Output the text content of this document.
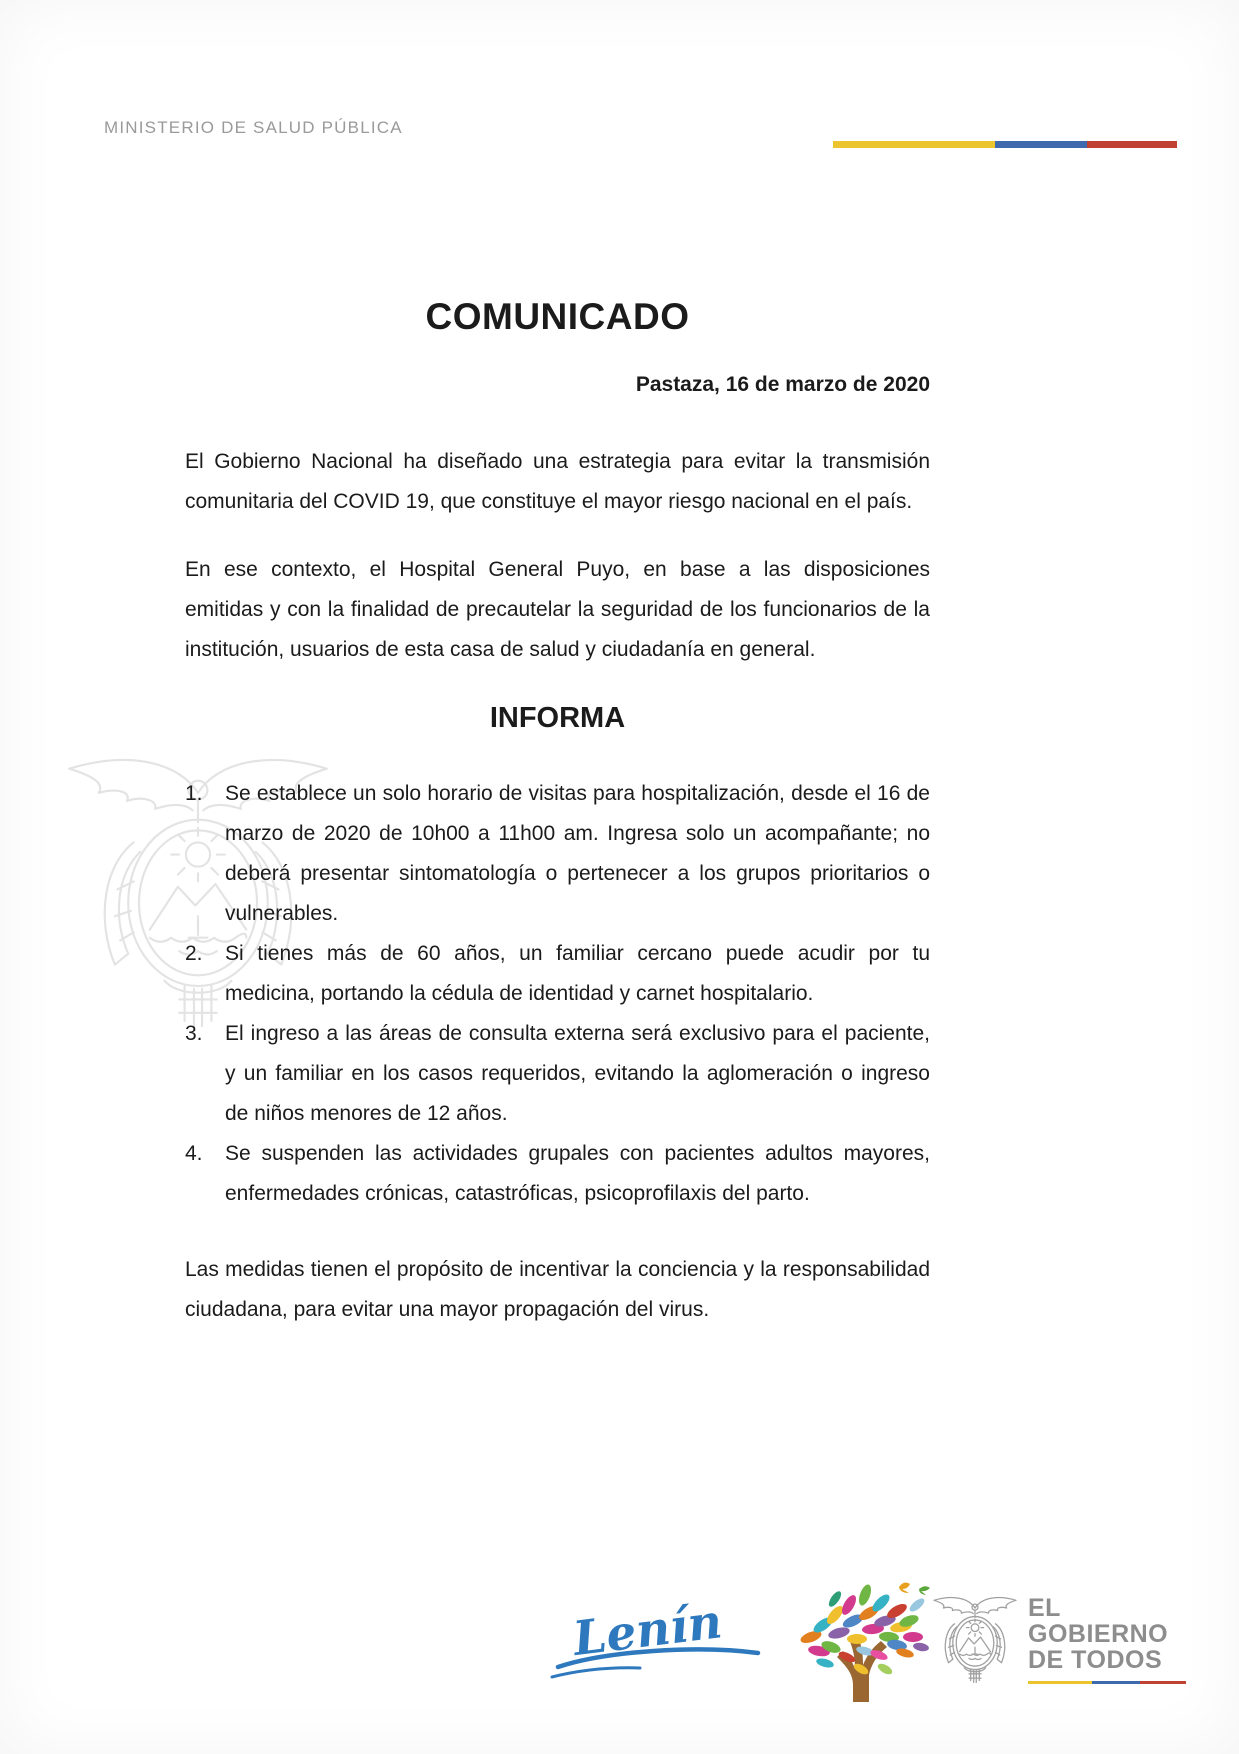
MINISTERIO DE SALUD PÚBLICA
COMUNICADO
Pastaza, 16 de marzo de 2020

El Gobierno Nacional ha diseñado una estrategia para evitar la transmisión comunitaria del COVID 19, que constituye el mayor riesgo nacional en el país.

En ese contexto, el Hospital General Puyo, en base a las disposiciones emitidas y con la finalidad de precautelar la seguridad de los funcionarios de la institución, usuarios de esta casa de salud y ciudadanía en general.

INFORMA
1.	Se establece un solo horario de visitas para hospitalización, desde el 16 de marzo de 2020 de 10h00 a 11h00 am. Ingresa solo un acompañante; no deberá presentar sintomatología o pertenecer a los grupos prioritarios o vulnerables.

2.	Si tienes más de 60 años, un familiar cercano puede acudir por tu medicina, portando la cédula de identidad y carnet hospitalario.

3.	El ingreso a las áreas de consulta externa será exclusivo para el paciente, y un familiar en los casos requeridos, evitando la aglomeración o ingreso de niños menores de 12 años.

4.	Se suspenden las actividades grupales con pacientes adultos mayores, enfermedades crónicas, catastróficas, psicoprofilaxis del parto.

Las medidas tienen el propósito de incentivar la conciencia y la responsabilidad ciudadana, para evitar una mayor propagación del virus.

Lenín	EL
GOBIERNO
DE TODOS
